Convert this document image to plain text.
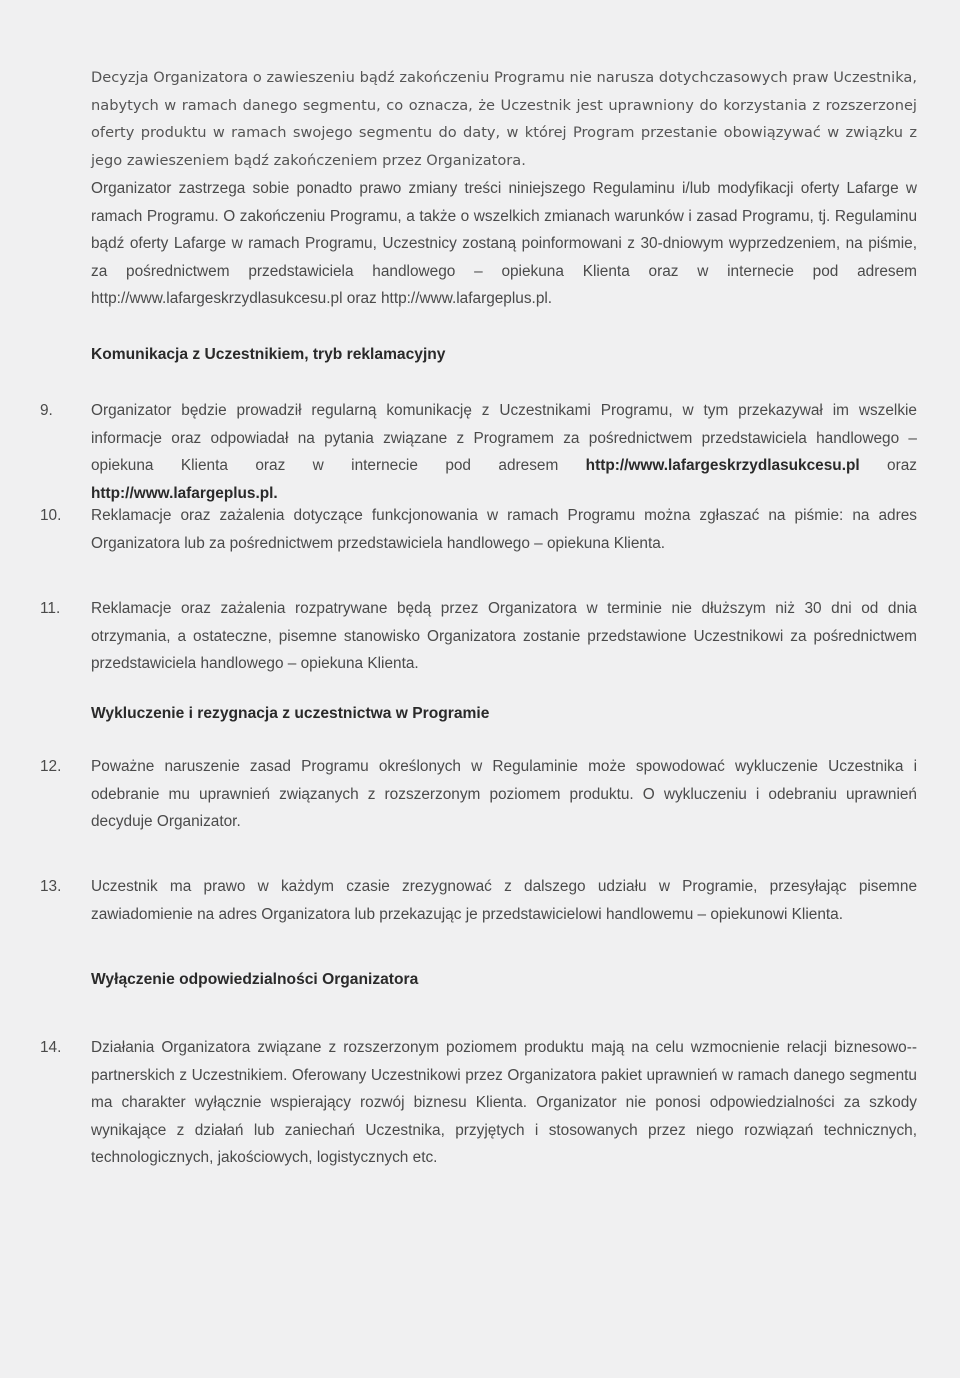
Decyzja Organizatora o zawieszeniu bądź zakończeniu Programu nie narusza dotychczasowych praw Uczestnika, nabytych w ramach danego segmentu, co oznacza, że Uczestnik jest uprawniony do korzystania z rozszerzonej oferty produktu w ramach swojego segmentu do daty, w której Program przestanie obowiązywać w związku z jego zawieszeniem bądź zakończeniem przez Organizatora.

Organizator zastrzega sobie ponadto prawo zmiany treści niniejszego Regulaminu i/lub modyfikacji oferty Lafarge w ramach Programu. O zakończeniu Programu, a także o wszelkich zmianach warunków i zasad Programu, tj. Regulaminu bądź oferty Lafarge w ramach Programu, Uczestnicy zostaną poinformowani z 30-dniowym wyprzedzeniem, na piśmie, za pośrednictwem przedstawiciela handlowego – opiekuna Klienta oraz w internecie pod adresem http://www.lafargeskrzydlasukcesu.pl oraz http://www.lafargeplus.pl.

Komunikacja z Uczestnikiem, tryb reklamacyjny
9. Organizator będzie prowadził regularną komunikację z Uczestnikami Programu, w tym przekazywał im wszelkie informacje oraz odpowiadał na pytania związane z Programem za pośrednictwem przedstawiciela handlowego – opiekuna Klienta oraz w internecie pod adresem http://www.lafargeskrzydlasukcesu.pl oraz http://www.lafargeplus.pl.

10. Reklamacje oraz zażalenia dotyczące funkcjonowania w ramach Programu można zgłaszać na piśmie: na adres Organizatora lub za pośrednictwem przedstawiciela handlowego – opiekuna Klienta.

11. Reklamacje oraz zażalenia rozpatrywane będą przez Organizatora w terminie nie dłuższym niż 30 dni od dnia otrzymania, a ostateczne, pisemne stanowisko Organizatora zostanie przedstawione Uczestnikowi za pośrednictwem przedstawiciela handlowego – opiekuna Klienta.

Wykluczenie i rezygnacja z uczestnictwa w Programie
12. Poważne naruszenie zasad Programu określonych w Regulaminie może spowodować wykluczenie Uczestnika i odebranie mu uprawnień związanych z rozszerzonym poziomem produktu. O wykluczeniu i odebraniu uprawnień decyduje Organizator.

13. Uczestnik ma prawo w każdym czasie zrezygnować z dalszego udziału w Programie, przesyłając pisemne zawiadomienie na adres Organizatora lub przekazując je przedstawicielowi handlowemu – opiekunowi Klienta.

Wyłączenie odpowiedzialności Organizatora
14. Działania Organizatora związane z rozszerzonym poziomem produktu mają na celu wzmocnienie relacji biznesowo--partnerskich z Uczestnikiem. Oferowany Uczestnikowi przez Organizatora pakiet uprawnień w ramach danego segmentu ma charakter wyłącznie wspierający rozwój biznesu Klienta. Organizator nie ponosi odpowiedzialności za szkody wynikające z działań lub zaniechań Uczestnika, przyjętych i stosowanych przez niego rozwiązań technicznych, technologicznych, jakościowych, logistycznych etc.
